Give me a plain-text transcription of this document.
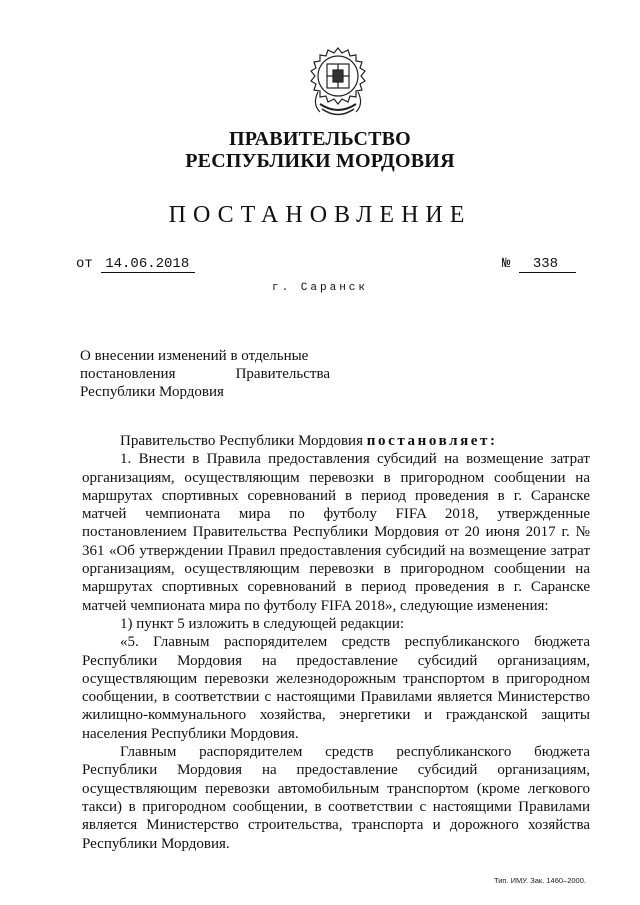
ПРАВИТЕЛЬСТВО
РЕСПУБЛИКИ МОРДОВИЯ
ПОСТАНОВЛЕНИЕ
от 14.06.2018	№ 338
г. Саранск
О внесении изменений в отдельные
постановления Правительства
Республики Мордовия

Правительство Республики Мордовия постановляет:

1. Внести в Правила предоставления субсидий на возмещение затрат организациям, осуществляющим перевозки в пригородном сообщении на маршрутах спортивных соревнований в период проведения в г. Саранске матчей чемпионата мира по футболу FIFA 2018, утвержденные постановлением Правительства Республики Мордовия от 20 июня 2017 г. № 361 «Об утверждении Правил предоставления субсидий на возмещение затрат организациям, осуществляющим перевозки в пригородном сообщении на маршрутах спортивных соревнований в период проведения в г. Саранске матчей чемпионата мира по футболу FIFA 2018», следующие изменения:

1) пункт 5 изложить в следующей редакции:

«5. Главным распорядителем средств республиканского бюджета Республики Мордовия на предоставление субсидий организациям, осуществляющим перевозки железнодорожным транспортом в пригородном сообщении, в соответствии с настоящими Правилами является Министерство жилищно-коммунального хозяйства, энергетики и гражданской защиты населения Республики Мордовия.

Главным распорядителем средств республиканского бюджета Республики Мордовия на предоставление субсидий организациям, осуществляющим перевозки автомобильным транспортом (кроме легкового такси) в пригородном сообщении, в соответствии с настоящими Правилами является Министерство строительства, транспорта и дорожного хозяйства Республики Мордовия.

Тип. ИМУ. Зак. 1460–2000.
